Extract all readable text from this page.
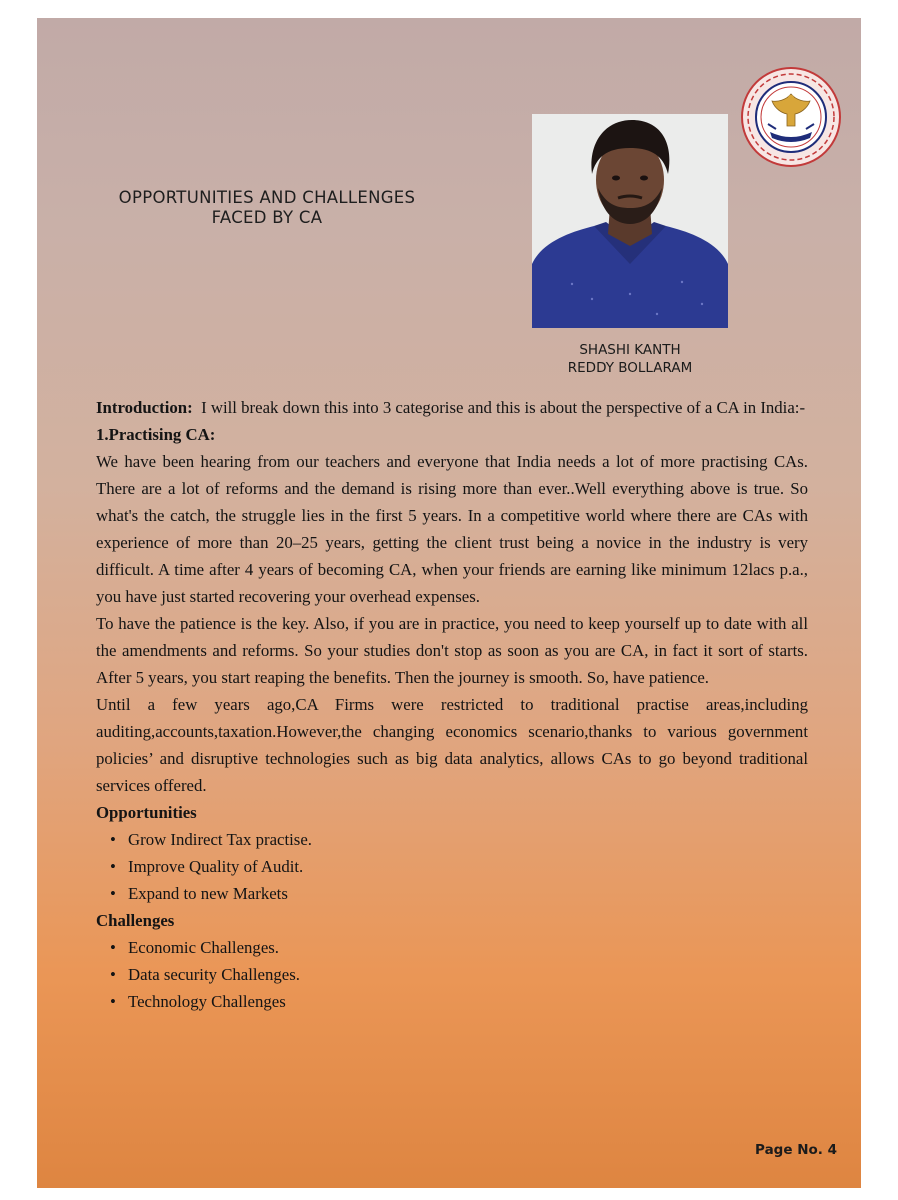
OPPORTUNITIES AND CHALLENGES
FACED BY CA
SHASHI KANTH
REDDY BOLLARAM

Introduction: I will break down this into 3 categorise and this is about the perspective of a CA in India:-

1.Practising CA:

We have been hearing from our teachers and everyone that India needs a lot of more practising CAs. There are a lot of reforms and the demand is rising more than ever..Well everything above is true. So what's the catch, the struggle lies in the first 5 years. In a competitive world where there are CAs with experience of more than 20–25 years, getting the client trust being a novice in the industry is very difficult. A time after 4 years of becoming CA, when your friends are earning like minimum 12lacs p.a., you have just started recovering your overhead expenses.

To have the patience is the key. Also, if you are in practice, you need to keep yourself up to date with all the amendments and reforms. So your studies don't stop as soon as you are CA, in fact it sort of starts. After 5 years, you start reaping the benefits. Then the journey is smooth. So, have patience.

Until a few years ago,CA Firms were restricted to traditional practise areas,including auditing,accounts,taxation.However,the changing economics scenario,thanks to various government policies’ and disruptive technologies such as big data analytics, allows CAs to go beyond traditional services offered.

Opportunities

• Grow Indirect Tax practise.
• Improve Quality of Audit.
• Expand to new Markets

Challenges

• Economic Challenges.
• Data security Challenges.
• Technology Challenges
Page No. 4
